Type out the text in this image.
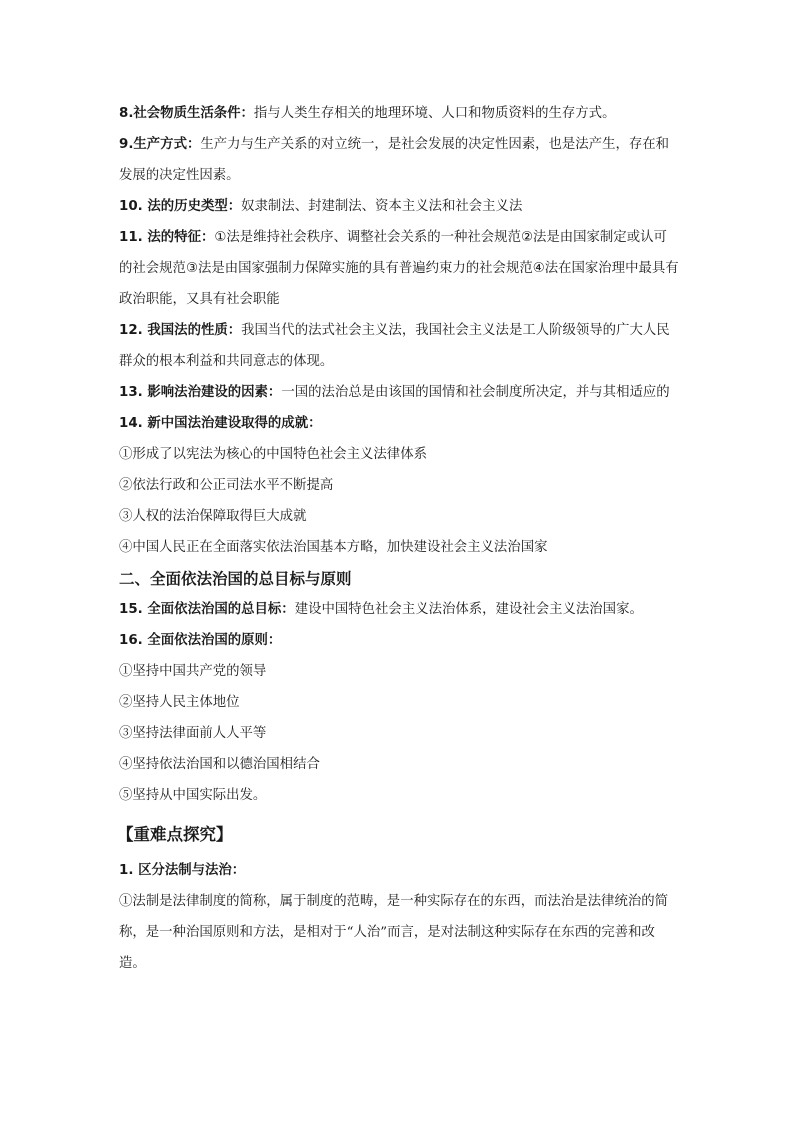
8.社会物质生活条件：指与人类生存相关的地理环境、人口和物质资料的生存方式。

9.生产方式：生产力与生产关系的对立统一，是社会发展的决定性因素，也是法产生，存在和发展的决定性因素。

10. 法的历史类型：奴隶制法、封建制法、资本主义法和社会主义法

11. 法的特征：①法是维持社会秩序、调整社会关系的一种社会规范②法是由国家制定或认可的社会规范③法是由国家强制力保障实施的具有普遍约束力的社会规范④法在国家治理中最具有政治职能，又具有社会职能

12. 我国法的性质：我国当代的法式社会主义法，我国社会主义法是工人阶级领导的广大人民群众的根本利益和共同意志的体现。

13. 影响法治建设的因素：一国的法治总是由该国的国情和社会制度所决定，并与其相适应的

14. 新中国法治建设取得的成就：

①形成了以宪法为核心的中国特色社会主义法律体系

②依法行政和公正司法水平不断提高

③人权的法治保障取得巨大成就

④中国人民正在全面落实依法治国基本方略，加快建设社会主义法治国家

二、全面依法治国的总目标与原则

15. 全面依法治国的总目标：建设中国特色社会主义法治体系，建设社会主义法治国家。

16. 全面依法治国的原则：

①坚持中国共产党的领导

②坚持人民主体地位

③坚持法律面前人人平等

④坚持依法治国和以德治国相结合

⑤坚持从中国实际出发。

【重难点探究】

1. 区分法制与法治：

①法制是法律制度的简称，属于制度的范畴，是一种实际存在的东西，而法治是法律统治的简称，是一种治国原则和方法，是相对于“人治”而言，是对法制这种实际存在东西的完善和改造。
